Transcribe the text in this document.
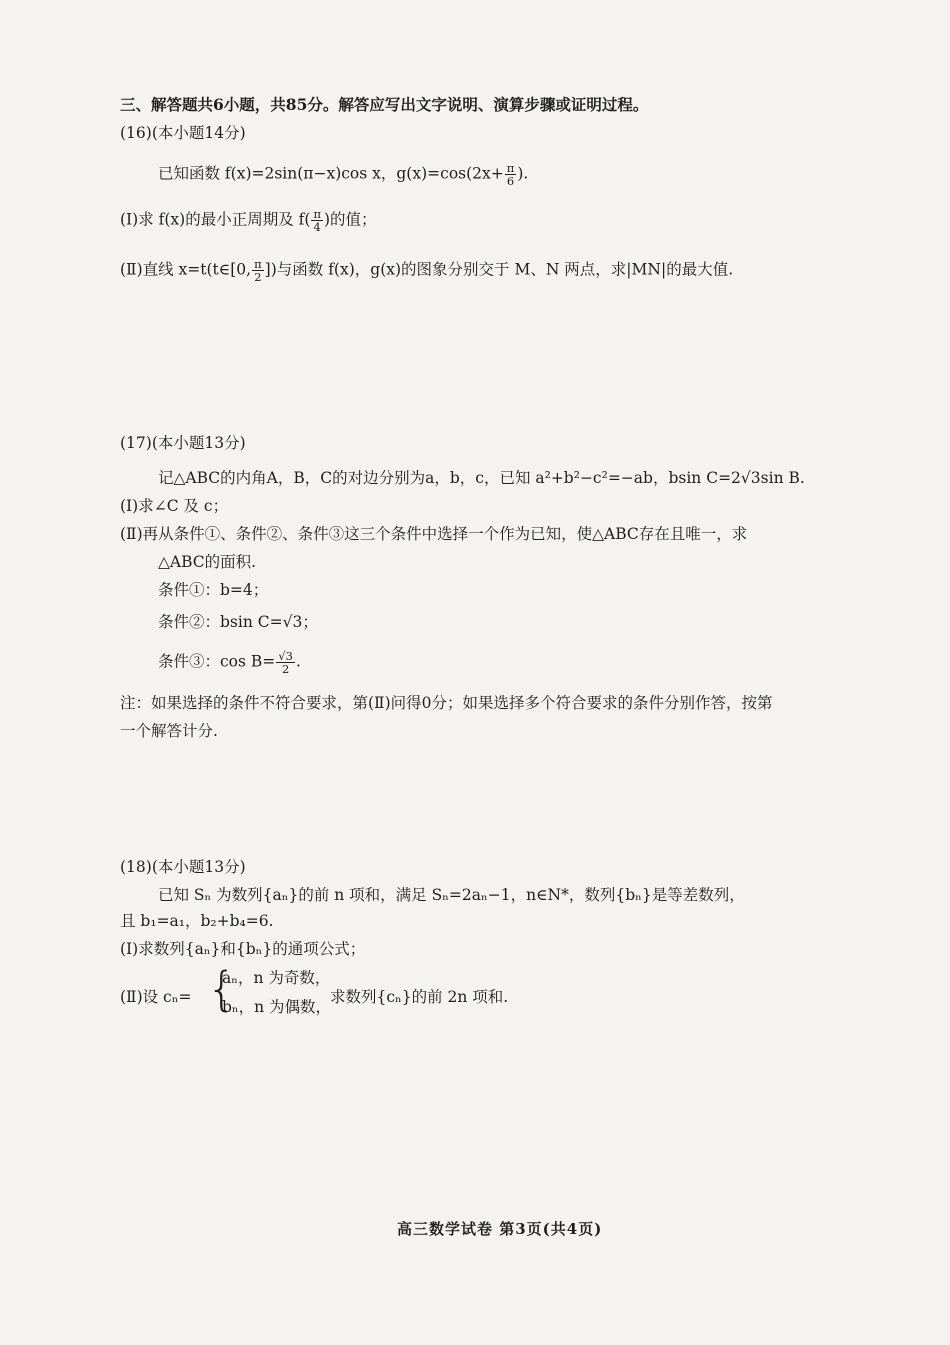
三、解答题共6小题，共85分。解答应写出文字说明、演算步骤或证明过程。
(16)(本小题14分)
已知函数 f(x)=2sin(π−x)cos x，$g(x)=\cos(2x+ \frac{\pi}{6}$ ).
(Ⅰ)求 f(x)的最小正周期及 $f( \frac{\pi}{4}$ )的值；
(Ⅱ)直线 x=t(t∈[0, $\frac{\pi}{2}$ ])与函数 f(x)，g(x)的图象分别交于 M、N 两点，求|MN|的最大值.
(17)(本小题13分)
记△ABC的内角A，B，C的对边分别为a，b，c，已知 a²+b²−c²=−ab，bsin C=2√3sin B.
(Ⅰ)求∠C 及 c；
(Ⅱ)再从条件①、条件②、条件③这三个条件中选择一个作为已知，使△ABC存在且唯一，求
△ABC的面积.
条件①：b=4；
条件②：bsin C=√3；
条件③：$\cos B= \frac{√3}{2}$ .
注：如果选择的条件不符合要求，第(Ⅱ)问得0分；如果选择多个符合要求的条件分别作答，按第
一个解答计分.
(18)(本小题13分)
已知 Sₙ 为数列{aₙ}的前 n 项和，满足 Sₙ=2aₙ−1，n∈N*，数列{bₙ}是等差数列，
且 b₁=a₁，b₂+b₄=6.
(Ⅰ)求数列{aₙ}和{bₙ}的通项公式；
(Ⅱ)设 cₙ= {
aₙ，n 为奇数，
bₙ，n 为偶数，
求数列{cₙ}的前 2n 项和.
高三数学试卷 第3页(共4页)
